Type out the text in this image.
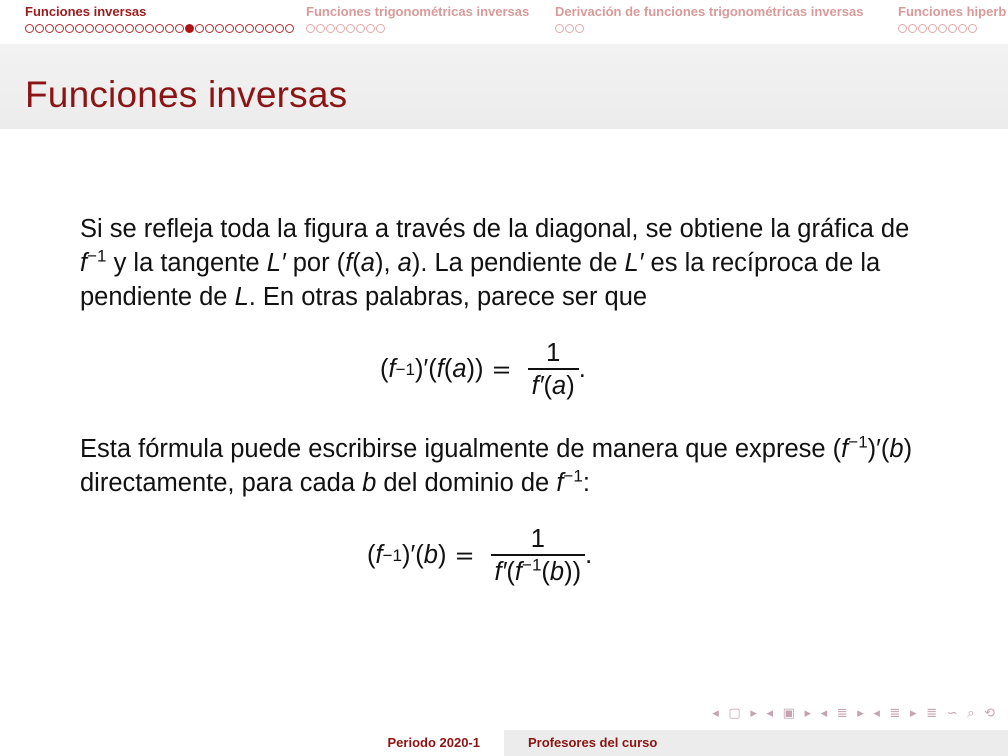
Funciones inversas	Funciones trigonométricas inversas Derivación de funciones trigonométricas inversas	Funciones hiperb
Funciones inversas

Si se refleja toda la figura a través de la diagonal, se obtiene la gráfica de $f^{-1}$ y la tangente L′ por (f(a), a). La pendiente de L′ es la recíproca de la pendiente de L. En otras palabras, parece ser que

( f −1 )′( f ( a )) = $\frac{1}{f'(a)}$ .

Esta fórmula puede escribirse igualmente de manera que exprese $(f^{-1})'(b)$ directamente, para cada b del dominio de $f^{-1}$:

( f −1 )′( b ) = $\frac{1}{f'(f^{-1}(b))}$ .
◂ ▢ ▸ ◂ ▣ ▸ ◂ ≣ ▸ ◂ ≣ ▸ ≣ ∽ ⌕ ⟲
Periodo 2020-1	Profesores del curso
